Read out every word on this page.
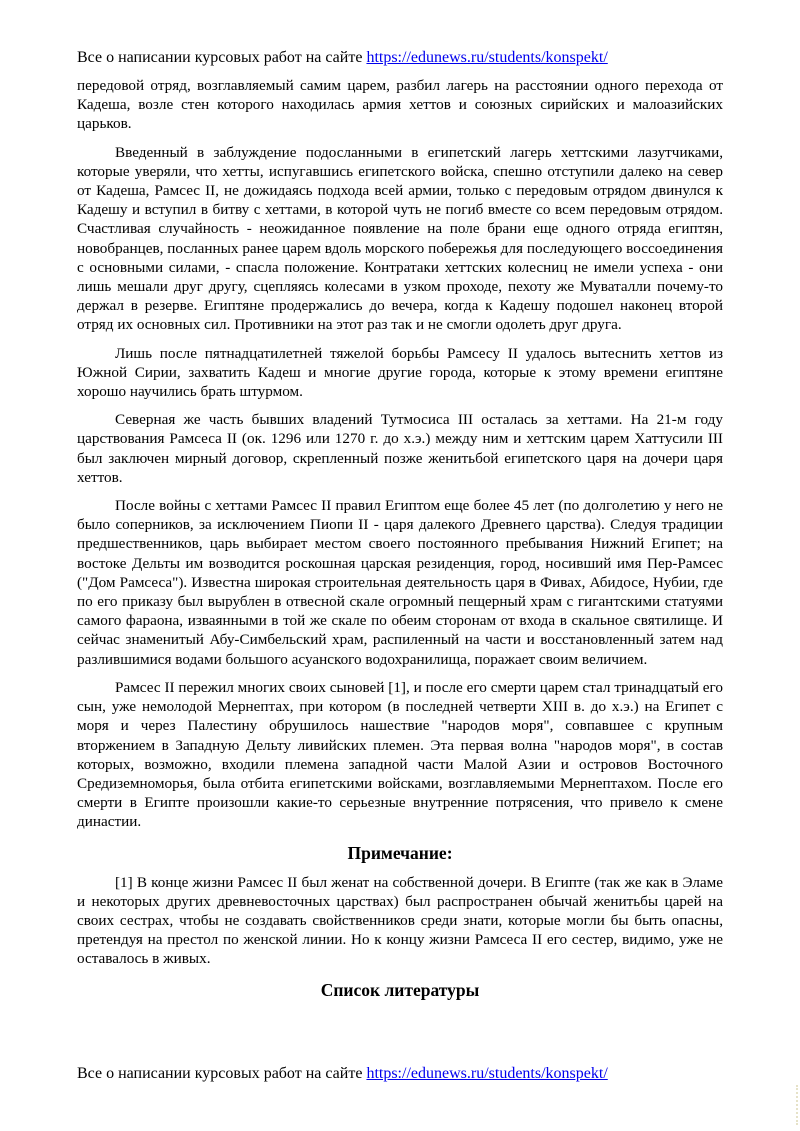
Все о написании курсовых работ на сайте https://edunews.ru/students/konspekt/

передовой отряд, возглавляемый самим царем, разбил лагерь на расстоянии одного перехода от Кадеша, возле стен которого находилась армия хеттов и союзных сирийских и малоазийских царьков.

Введенный в заблуждение подосланными в египетский лагерь хеттскими лазутчиками, которые уверяли, что хетты, испугавшись египетского войска, спешно отступили далеко на север от Кадеша, Рамсес II, не дожидаясь подхода всей армии, только с передовым отрядом двинулся к Кадешу и вступил в битву с хеттами, в которой чуть не погиб вместе со всем передовым отрядом. Счастливая случайность - неожиданное появление на поле брани еще одного отряда египтян, новобранцев, посланных ранее царем вдоль морского побережья для последующего воссоединения с основными силами, - спасла положение. Контратаки хеттских колесниц не имели успеха - они лишь мешали друг другу, сцепляясь колесами в узком проходе, пехоту же Муваталли почему-то держал в резерве. Египтяне продержались до вечера, когда к Кадешу подошел наконец второй отряд их основных сил. Противники на этот раз так и не смогли одолеть друг друга.

Лишь после пятнадцатилетней тяжелой борьбы Рамсесу II удалось вытеснить хеттов из Южной Сирии, захватить Кадеш и многие другие города, которые к этому времени египтяне хорошо научились брать штурмом.

Северная же часть бывших владений Тутмосиса III осталась за хеттами. На 21-м году царствования Рамсеса II (ок. 1296 или 1270 г. до х.э.) между ним и хеттским царем Хаттусили III был заключен мирный договор, скрепленный позже женитьбой египетского царя на дочери царя хеттов.

После войны с хеттами Рамсес II правил Египтом еще более 45 лет (по долголетию у него не было соперников, за исключением Пиопи II - царя далекого Древнего царства). Следуя традиции предшественников, царь выбирает местом своего постоянного пребывания Нижний Египет; на востоке Дельты им возводится роскошная царская резиденция, город, носивший имя Пер-Рамсес ("Дом Рамсеса"). Известна широкая строительная деятельность царя в Фивах, Абидосе, Нубии, где по его приказу был вырублен в отвесной скале огромный пещерный храм с гигантскими статуями самого фараона, изваянными в той же скале по обеим сторонам от входа в скальное святилище. И сейчас знаменитый Абу-Симбельский храм, распиленный на части и восстановленный затем над разлившимися водами большого асуанского водохранилища, поражает своим величием.

Рамсес II пережил многих своих сыновей [1], и после его смерти царем стал тринадцатый его сын, уже немолодой Мернептах, при котором (в последней четверти XIII в. до х.э.) на Египет с моря и через Палестину обрушилось нашествие "народов моря", совпавшее с крупным вторжением в Западную Дельту ливийских племен. Эта первая волна "народов моря", в состав которых, возможно, входили племена западной части Малой Азии и островов Восточного Средиземноморья, была отбита египетскими войсками, возглавляемыми Мернептахом. После его смерти в Египте произошли какие-то серьезные внутренние потрясения, что привело к смене династии.

Примечание:

[1] В конце жизни Рамсес II был женат на собственной дочери. В Египте (так же как в Эламе и некоторых других древневосточных царствах) был распространен обычай женитьбы царей на своих сестрах, чтобы не создавать свойственников среди знати, которые могли бы быть опасны, претендуя на престол по женской линии. Но к концу жизни Рамсеса II его сестер, видимо, уже не оставалось в живых.

Список литературы
Все о написании курсовых работ на сайте https://edunews.ru/students/konspekt/
